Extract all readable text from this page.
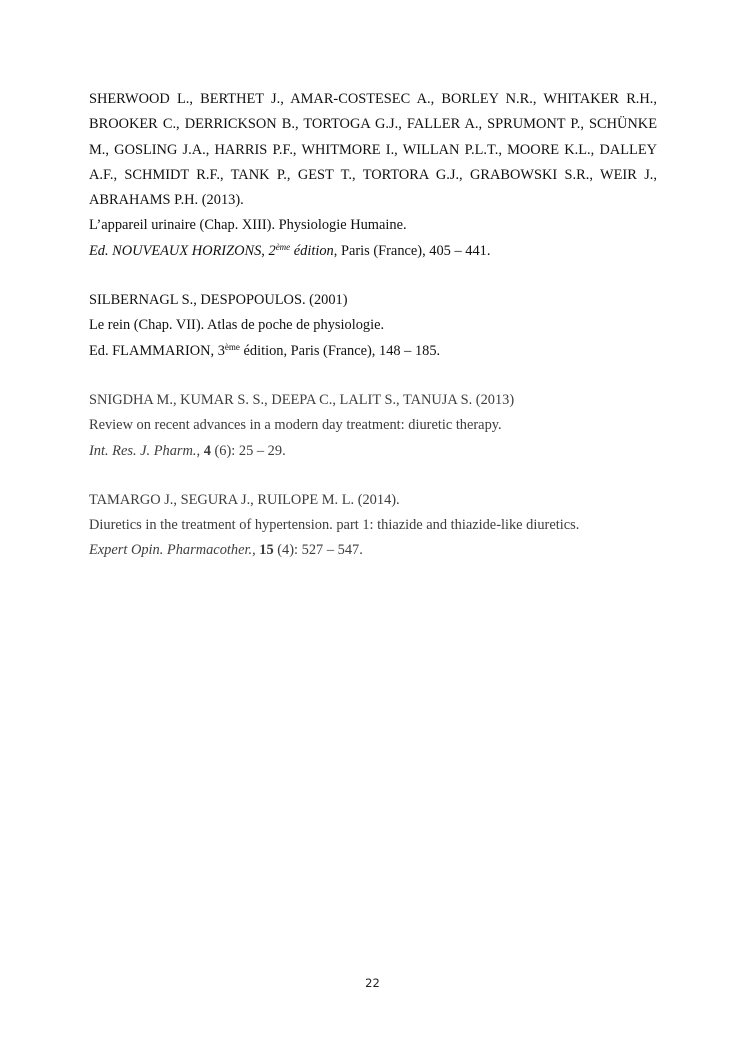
SHERWOOD L., BERTHET J., AMAR-COSTESEC A., BORLEY N.R., WHITAKER R.H., BROOKER C., DERRICKSON B., TORTOGA G.J., FALLER A., SPRUMONT P., SCHÜNKE M., GOSLING J.A., HARRIS P.F., WHITMORE I., WILLAN P.L.T., MOORE K.L., DALLEY A.F., SCHMIDT R.F., TANK P., GEST T., TORTORA G.J., GRABOWSKI S.R., WEIR J., ABRAHAMS P.H. (2013).

L’appareil urinaire (Chap. XIII). Physiologie Humaine.

Ed. NOUVEAUX HORIZONS, 2ème édition, Paris (France), 405 – 441.

SILBERNAGL S., DESPOPOULOS. (2001)

Le rein (Chap. VII). Atlas de poche de physiologie.

Ed. FLAMMARION, 3ème édition, Paris (France), 148 – 185.

SNIGDHA M., KUMAR S. S., DEEPA C., LALIT S., TANUJA S. (2013)

Review on recent advances in a modern day treatment: diuretic therapy.

Int. Res. J. Pharm., 4 (6): 25 – 29.

TAMARGO J., SEGURA J., RUILOPE M. L. (2014).

Diuretics in the treatment of hypertension. part 1: thiazide and thiazide-like diuretics.

Expert Opin. Pharmacother., 15 (4): 527 – 547.

22
